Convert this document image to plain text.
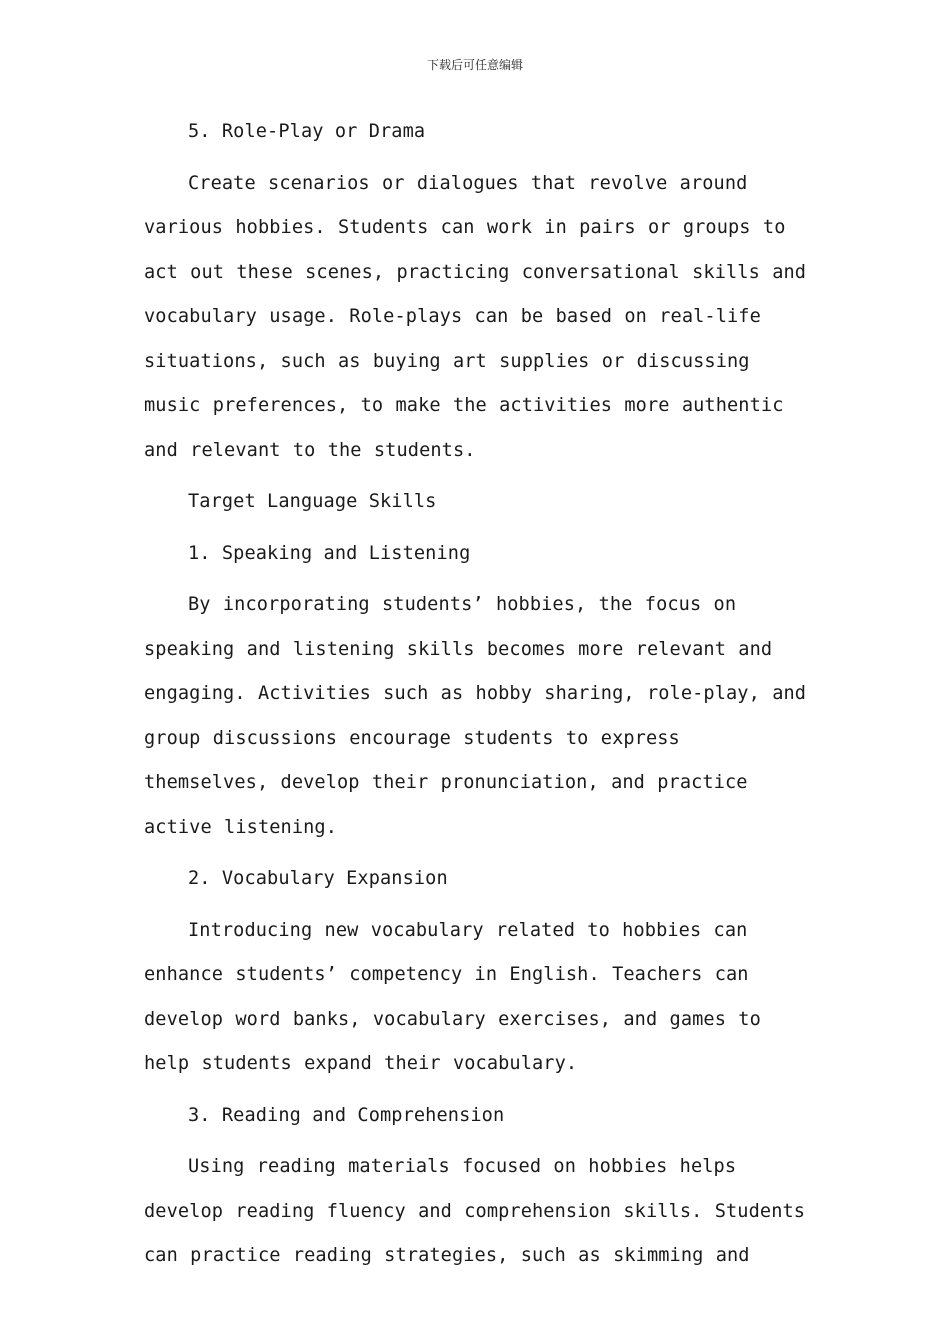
下载后可任意编辑
5. Role-Play or Drama

Create scenarios or dialogues that revolve around various hobbies. Students can work in pairs or groups to act out these scenes, practicing conversational skills and vocabulary usage. Role-plays can be based on real-life situations, such as buying art supplies or discussing music preferences, to make the activities more authentic and relevant to the students.

Target Language Skills
1. Speaking and Listening

By incorporating students’ hobbies, the focus on speaking and listening skills becomes more relevant and engaging. Activities such as hobby sharing, role-play, and group discussions encourage students to express themselves, develop their pronunciation, and practice active listening.

2. Vocabulary Expansion

Introducing new vocabulary related to hobbies can enhance students’ competency in English. Teachers can develop word banks, vocabulary exercises, and games to help students expand their vocabulary.

3. Reading and Comprehension

Using reading materials focused on hobbies helps develop reading fluency and comprehension skills. Students can practice reading strategies, such as skimming and
